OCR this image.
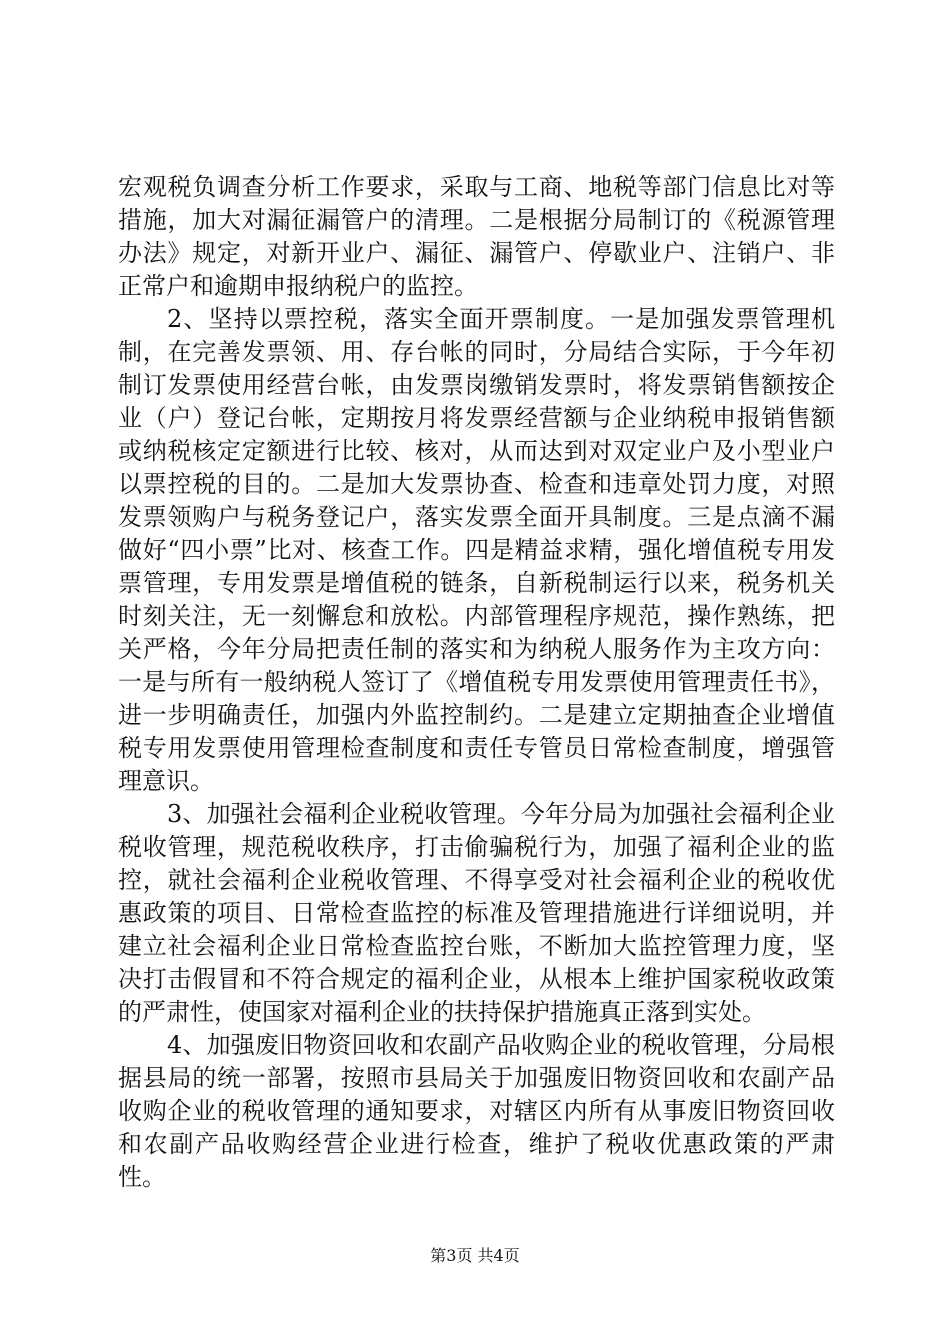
宏观税负调查分析工作要求，采取与工商、地税等部门信息比对等措施，加大对漏征漏管户的清理。二是根据分局制订的《税源管理办法》规定，对新开业户、漏征、漏管户、停歇业户、注销户、非正常户和逾期申报纳税户的监控。

2、坚持以票控税，落实全面开票制度。一是加强发票管理机制，在完善发票领、用、存台帐的同时，分局结合实际，于今年初制订发票使用经营台帐，由发票岗缴销发票时，将发票销售额按企业（户）登记台帐，定期按月将发票经营额与企业纳税申报销售额或纳税核定定额进行比较、核对，从而达到对双定业户及小型业户以票控税的目的。二是加大发票协查、检查和违章处罚力度，对照发票领购户与税务登记户，落实发票全面开具制度。三是点滴不漏做好“四小票”比对、核查工作。四是精益求精，强化增值税专用发票管理，专用发票是增值税的链条，自新税制运行以来，税务机关时刻关注，无一刻懈怠和放松。内部管理程序规范，操作熟练，把关严格，今年分局把责任制的落实和为纳税人服务作为主攻方向：一是与所有一般纳税人签订了《增值税专用发票使用管理责任书》，进一步明确责任，加强内外监控制约。二是建立定期抽查企业增值税专用发票使用管理检查制度和责任专管员日常检查制度，增强管理意识。

3、加强社会福利企业税收管理。今年分局为加强社会福利企业税收管理，规范税收秩序，打击偷骗税行为，加强了福利企业的监控，就社会福利企业税收管理、不得享受对社会福利企业的税收优惠政策的项目、日常检查监控的标准及管理措施进行详细说明，并建立社会福利企业日常检查监控台账，不断加大监控管理力度，坚决打击假冒和不符合规定的福利企业，从根本上维护国家税收政策的严肃性，使国家对福利企业的扶持保护措施真正落到实处。

4、加强废旧物资回收和农副产品收购企业的税收管理，分局根据县局的统一部署，按照市县局关于加强废旧物资回收和农副产品收购企业的税收管理的通知要求，对辖区内所有从事废旧物资回收和农副产品收购经营企业进行检查，维护了税收优惠政策的严肃性。

第3页 共4页
